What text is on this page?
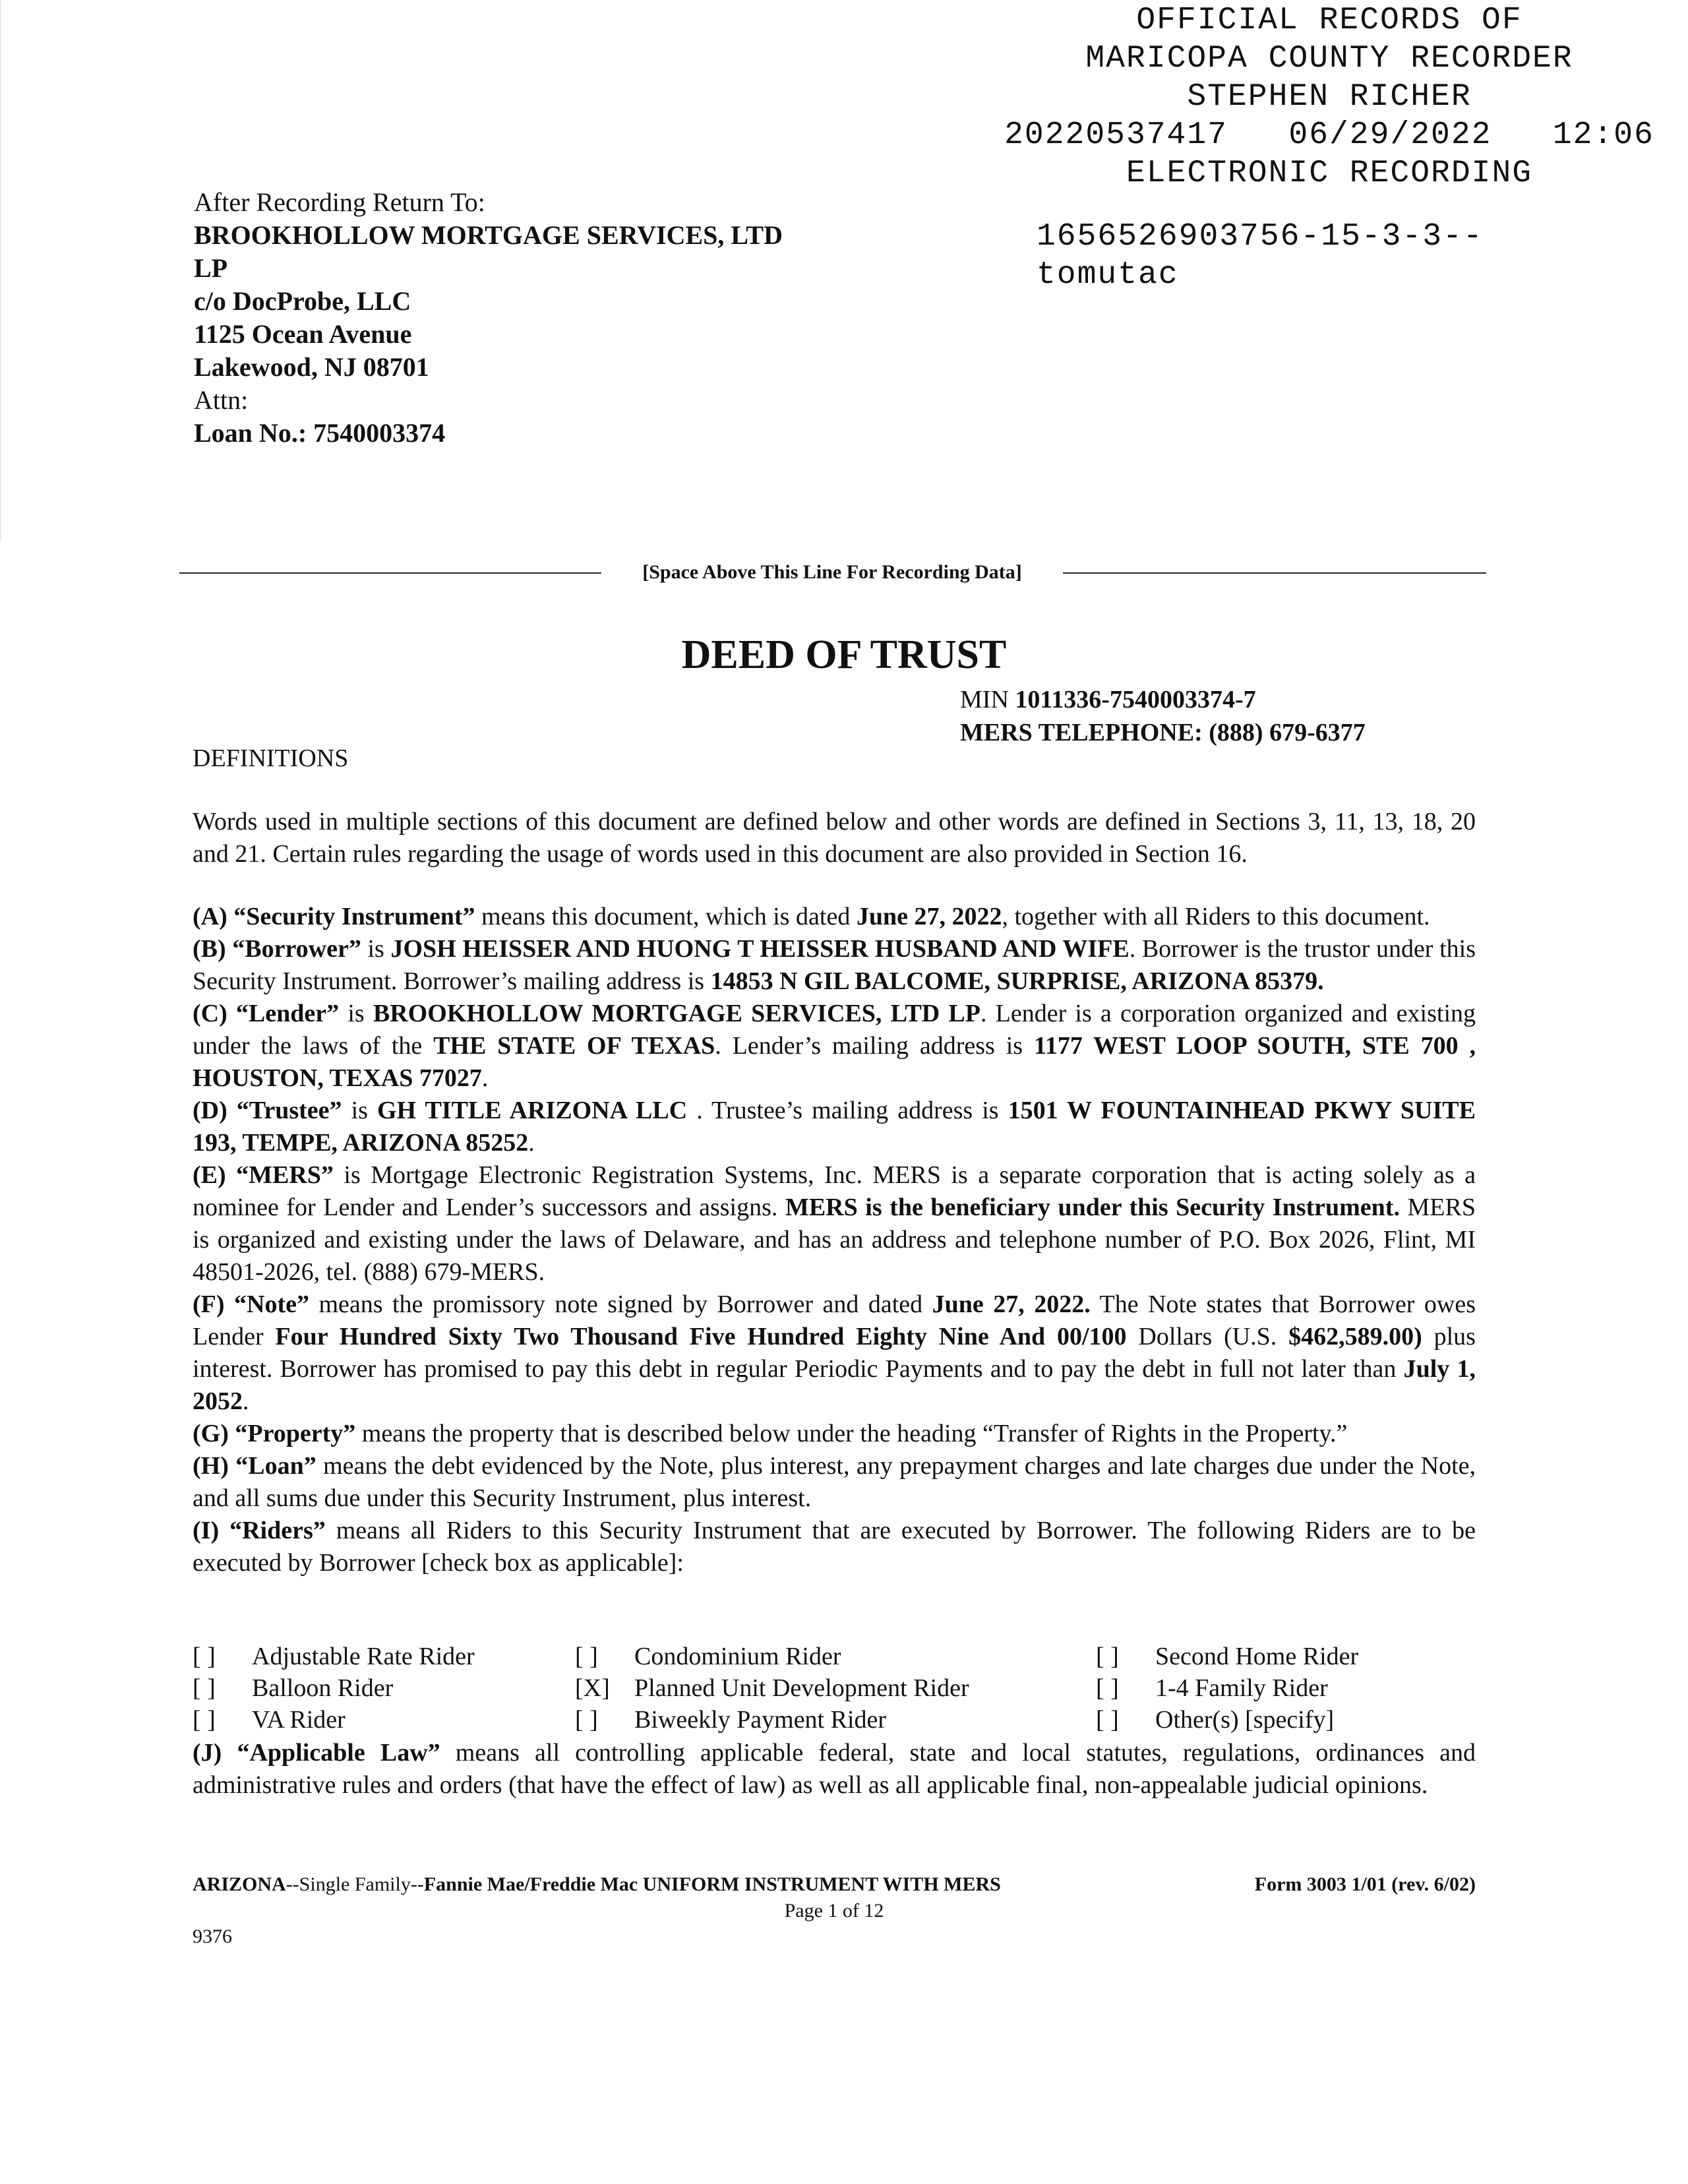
OFFICIAL RECORDS OF
MARICOPA COUNTY RECORDER
STEPHEN RICHER
20220537417 06/29/2022 12:06
ELECTRONIC RECORDING
1656526903756-15-3-3--
tomutac
After Recording Return To:
BROOKHOLLOW MORTGAGE SERVICES, LTD
LP
c/o DocProbe, LLC
1125 Ocean Avenue
Lakewood, NJ 08701
Attn:
Loan No.: 7540003374
[Space Above This Line For Recording Data]
DEED OF TRUST
MIN 1011336-7540003374-7
MERS TELEPHONE: (888) 679-6377
DEFINITIONS
Words used in multiple sections of this document are defined below and other words are defined in Sections 3, 11, 13, 18, 20 and 21. Certain rules regarding the usage of words used in this document are also provided in Section 16.
(A) “Security Instrument” means this document, which is dated June 27, 2022, together with all Riders to this document.
(B) “Borrower” is JOSH HEISSER AND HUONG T HEISSER HUSBAND AND WIFE. Borrower is the trustor under this Security Instrument. Borrower’s mailing address is 14853 N GIL BALCOME, SURPRISE, ARIZONA 85379.
(C) “Lender” is BROOKHOLLOW MORTGAGE SERVICES, LTD LP. Lender is a corporation organized and existing under the laws of the THE STATE OF TEXAS. Lender’s mailing address is 1177 WEST LOOP SOUTH, STE 700 , HOUSTON, TEXAS 77027.
(D) “Trustee” is GH TITLE ARIZONA LLC . Trustee’s mailing address is 1501 W FOUNTAINHEAD PKWY SUITE 193, TEMPE, ARIZONA 85252.
(E) “MERS” is Mortgage Electronic Registration Systems, Inc. MERS is a separate corporation that is acting solely as a nominee for Lender and Lender’s successors and assigns. MERS is the beneficiary under this Security Instrument. MERS is organized and existing under the laws of Delaware, and has an address and telephone number of P.O. Box 2026, Flint, MI 48501-2026, tel. (888) 679-MERS.
(F) “Note” means the promissory note signed by Borrower and dated June 27, 2022. The Note states that Borrower owes Lender Four Hundred Sixty Two Thousand Five Hundred Eighty Nine And 00/100 Dollars (U.S. $462,589.00) plus interest. Borrower has promised to pay this debt in regular Periodic Payments and to pay the debt in full not later than July 1, 2052.
(G) “Property” means the property that is described below under the heading “Transfer of Rights in the Property.”
(H) “Loan” means the debt evidenced by the Note, plus interest, any prepayment charges and late charges due under the Note, and all sums due under this Security Instrument, plus interest.
(I) “Riders” means all Riders to this Security Instrument that are executed by Borrower. The following Riders are to be executed by Borrower [check box as applicable]:
[ ]	Adjustable Rate Rider	[ ]	Condominium Rider	[ ]	Second Home Rider
[ ]	Balloon Rider	[X] Planned Unit Development Rider	[ ]	1-4 Family Rider
[ ]	VA Rider	[ ]	Biweekly Payment Rider	[ ]	Other(s) [specify]
(J) “Applicable Law” means all controlling applicable federal, state and local statutes, regulations, ordinances and administrative rules and orders (that have the effect of law) as well as all applicable final, non-appealable judicial opinions.
ARIZONA--Single Family--Fannie Mae/Freddie Mac UNIFORM INSTRUMENT WITH MERS	Form 3003 1/01 (rev. 6/02)
Page 1 of 12
9376
